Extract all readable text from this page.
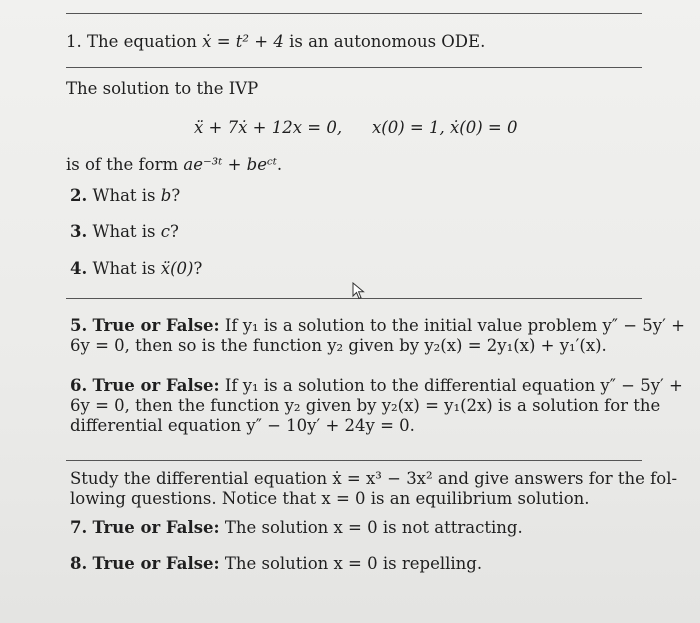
1. The equation ẋ = t² + 4 is an autonomous ODE.
The solution to the IVP
ẍ + 7ẋ + 12x = 0, x(0) = 1, ẋ(0) = 0
is of the form ae⁻³ᵗ + beᶜᵗ.
2. What is b?
3. What is c?
4. What is ẍ(0)?
5. True or False: If y₁ is a solution to the initial value problem y″ − 5y′ +
6y = 0, then so is the function y₂ given by y₂(x) = 2y₁(x) + y₁′(x).
6. True or False: If y₁ is a solution to the differential equation y″ − 5y′ +
6y = 0, then the function y₂ given by y₂(x) = y₁(2x) is a solution for the
differential equation y″ − 10y′ + 24y = 0.
Study the differential equation ẋ = x³ − 3x² and give answers for the fol-
lowing questions. Notice that x = 0 is an equilibrium solution.
7. True or False: The solution x = 0 is not attracting.
8. True or False: The solution x = 0 is repelling.
